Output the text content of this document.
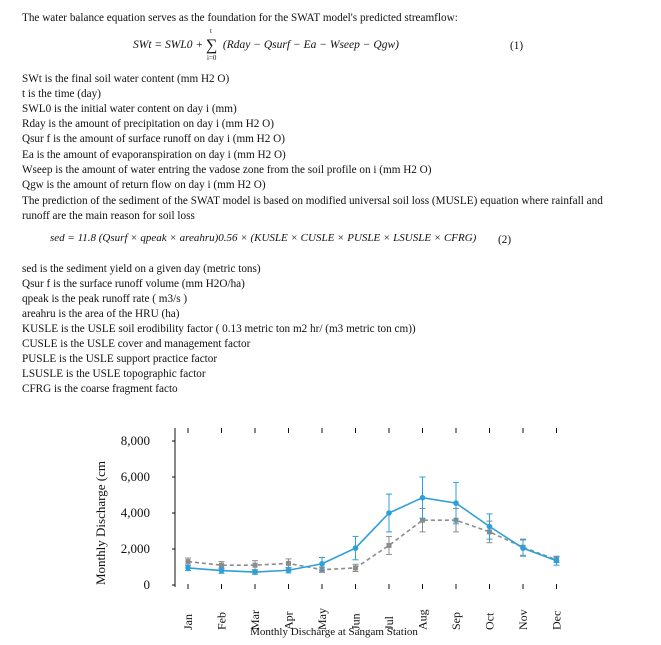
The water balance equation serves as the foundation for the SWAT model's predicted streamflow:
SWt = SWL0 + ∑
t
i=0
(Rday − Qsurf − Ea − Wseep − Qgw)	(1)
SWt is the final soil water content (mm H2 O)
t is the time (day)
SWL0 is the initial water content on day i (mm)
Rday is the amount of precipitation on day i (mm H2 O)
Qsur f is the amount of surface runoff on day i (mm H2 O)
Ea is the amount of evaporanspiration on day i (mm H2 O)
Wseep is the amount of water entring the vadose zone from the soil profile on i (mm H2 O)
Qgw is the amount of return flow on day i (mm H2 O)
The prediction of the sediment of the SWAT model is based on modified universal soil loss (MUSLE) equation where rainfall and
runoff are the main reason for soil loss
sed = 11.8 (Qsurf × qpeak × areahru)0.56 × (KUSLE × CUSLE × PUSLE × LSUSLE × CFRG) (2)
sed is the sediment yield on a given day (metric tons)
Qsur f is the surface runoff volume (mm H2O/ha)
qpeak is the peak runoff rate ( m3/s )
areahru is the area of the HRU (ha)
KUSLE is the USLE soil erodibility factor ( 0.13 metric ton m2 hr/ (m3 metric ton cm))
CUSLE is the USLE cover and management factor
PUSLE is the USLE support practice factor
LSUSLE is the USLE topographic factor
CFRG is the coarse fragment facto
Monthly Discharge (cm	0
2,000
4,000
6,000
8,000
Jan Feb Mar Apr May Jun Jul Aug Sep Oct Nov Dec
Monthly Discharge at Sangam Station
